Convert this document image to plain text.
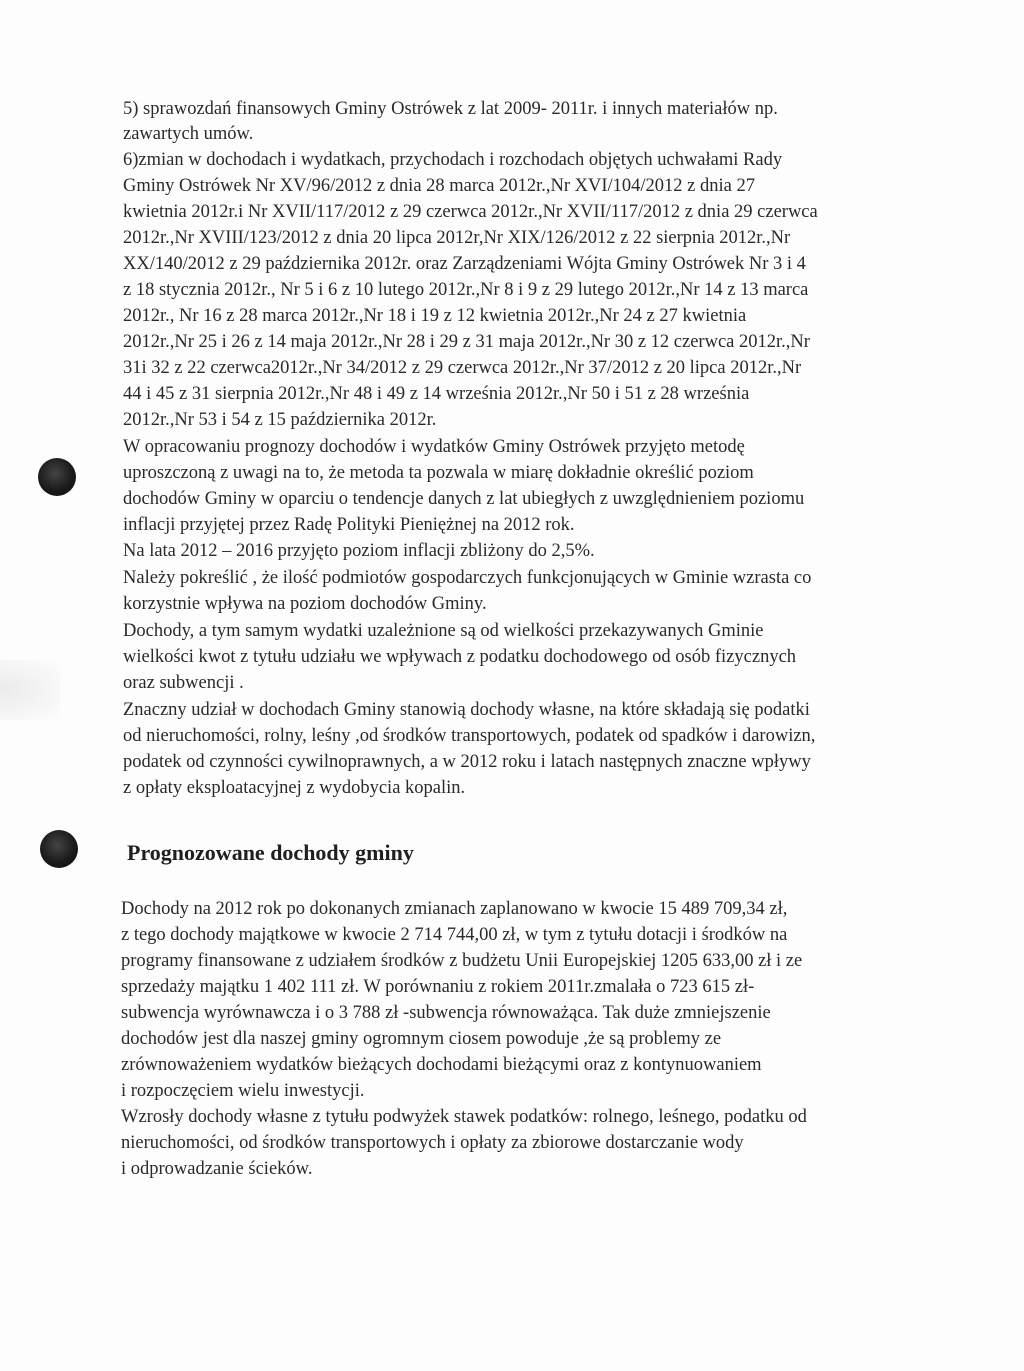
5) sprawozdań finansowych Gminy Ostrówek z lat 2009- 2011r. i innych materiałów np.
zawartych umów.
6)zmian w dochodach i wydatkach, przychodach i rozchodach objętych uchwałami Rady
Gminy Ostrówek Nr XV/96/2012 z dnia 28 marca 2012r.,Nr XVI/104/2012 z dnia 27
kwietnia 2012r.i Nr XVII/117/2012 z 29 czerwca 2012r.,Nr XVII/117/2012 z dnia 29 czerwca
2012r.,Nr XVIII/123/2012 z dnia 20 lipca 2012r,Nr XIX/126/2012 z 22 sierpnia 2012r.,Nr
XX/140/2012 z 29 października 2012r. oraz Zarządzeniami Wójta Gminy Ostrówek Nr 3 i 4
z 18 stycznia 2012r., Nr 5 i 6 z 10 lutego 2012r.,Nr 8 i 9 z 29 lutego 2012r.,Nr 14 z 13 marca
2012r., Nr 16 z 28 marca 2012r.,Nr 18 i 19 z 12 kwietnia 2012r.,Nr 24 z 27 kwietnia
2012r.,Nr 25 i 26 z 14 maja 2012r.,Nr 28 i 29 z 31 maja 2012r.,Nr 30 z 12 czerwca 2012r.,Nr
31i 32 z 22 czerwca2012r.,Nr 34/2012 z 29 czerwca 2012r.,Nr 37/2012 z 20 lipca 2012r.,Nr
44 i 45 z 31 sierpnia 2012r.,Nr 48 i 49 z 14 września 2012r.,Nr 50 i 51 z 28 września
2012r.,Nr 53 i 54 z 15 października 2012r.
W opracowaniu prognozy dochodów i wydatków Gminy Ostrówek przyjęto metodę
uproszczoną z uwagi na to, że metoda ta pozwala w miarę dokładnie określić poziom
dochodów Gminy w oparciu o tendencje danych z lat ubiegłych z uwzględnieniem poziomu
inflacji przyjętej przez Radę Polityki Pieniężnej na 2012 rok.
Na lata 2012 – 2016 przyjęto poziom inflacji zbliżony do 2,5%.
Należy pokreślić , że ilość podmiotów gospodarczych funkcjonujących w Gminie wzrasta co
korzystnie wpływa na poziom dochodów Gminy.
Dochody, a tym samym wydatki uzależnione są od wielkości przekazywanych Gminie
wielkości kwot z tytułu udziału we wpływach z podatku dochodowego od osób fizycznych
oraz subwencji .
Znaczny udział w dochodach Gminy stanowią dochody własne, na które składają się podatki
od nieruchomości, rolny, leśny ,od środków transportowych, podatek od spadków i darowizn,
podatek od czynności cywilnoprawnych, a w 2012 roku i latach następnych znaczne wpływy
z opłaty eksploatacyjnej z wydobycia kopalin.
Prognozowane dochody gminy
Dochody na 2012 rok po dokonanych zmianach zaplanowano w kwocie 15 489 709,34 zł,
z tego dochody majątkowe w kwocie 2 714 744,00 zł, w tym z tytułu dotacji i środków na
programy finansowane z udziałem środków z budżetu Unii Europejskiej 1205 633,00 zł i ze
sprzedaży majątku 1 402 111 zł. W porównaniu z rokiem 2011r.zmalała o 723 615 zł-
subwencja wyrównawcza i o 3 788 zł -subwencja równoważąca. Tak duże zmniejszenie
dochodów jest dla naszej gminy ogromnym ciosem powoduje ,że są problemy ze
zrównoważeniem wydatków bieżących dochodami bieżącymi oraz z kontynuowaniem
i rozpoczęciem wielu inwestycji.
Wzrosły dochody własne z tytułu podwyżek stawek podatków: rolnego, leśnego, podatku od
nieruchomości, od środków transportowych i opłaty za zbiorowe dostarczanie wody
i odprowadzanie ścieków.
